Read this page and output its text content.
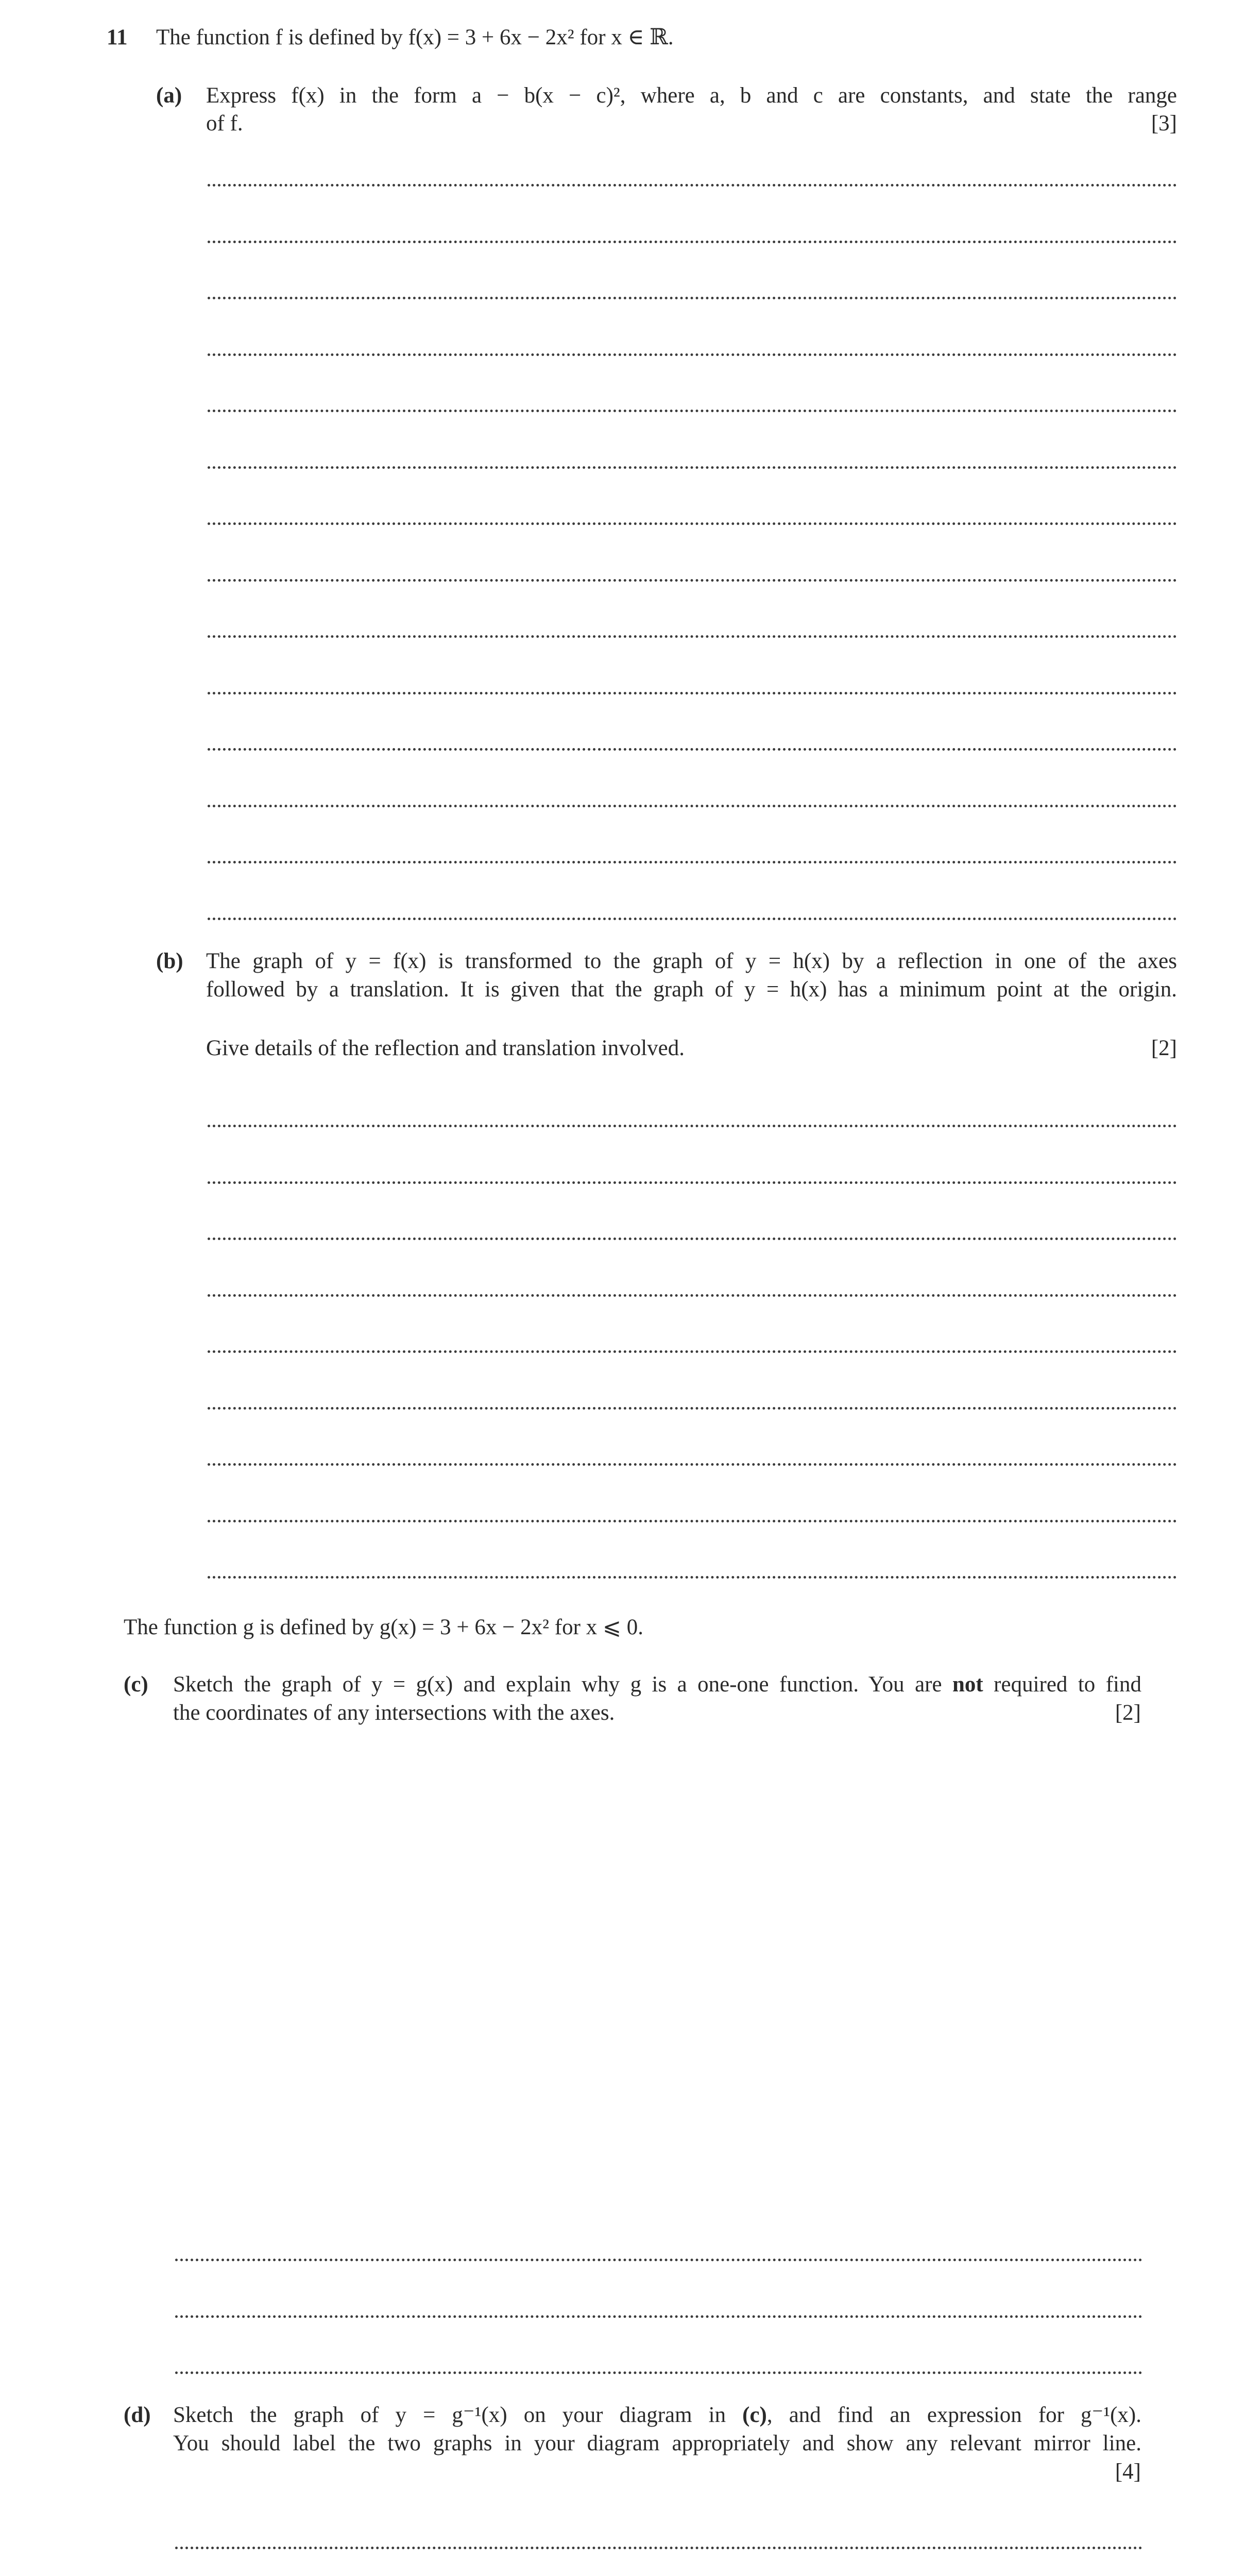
11 The function f is defined by f(x) = 3 + 6x − 2x² for x ∈ ℝ.
(a) Express f(x) in the form a − b(x − c)², where a, b and c are constants, and state the range
of f.	[3]
(b) The graph of y = f(x) is transformed to the graph of y = h(x) by a reflection in one of the axes
followed by a translation. It is given that the graph of y = h(x) has a minimum point at the origin.
Give details of the reflection and translation involved.	[2]
The function g is defined by g(x) = 3 + 6x − 2x² for x ⩽ 0.
(c) Sketch the graph of y = g(x) and explain why g is a one-one function. You are not required to find
the coordinates of any intersections with the axes.	[2]
(d) Sketch the graph of y = g⁻¹(x) on your diagram in (c), and find an expression for g⁻¹(x).
You should label the two graphs in your diagram appropriately and show any relevant mirror line.
[4]
